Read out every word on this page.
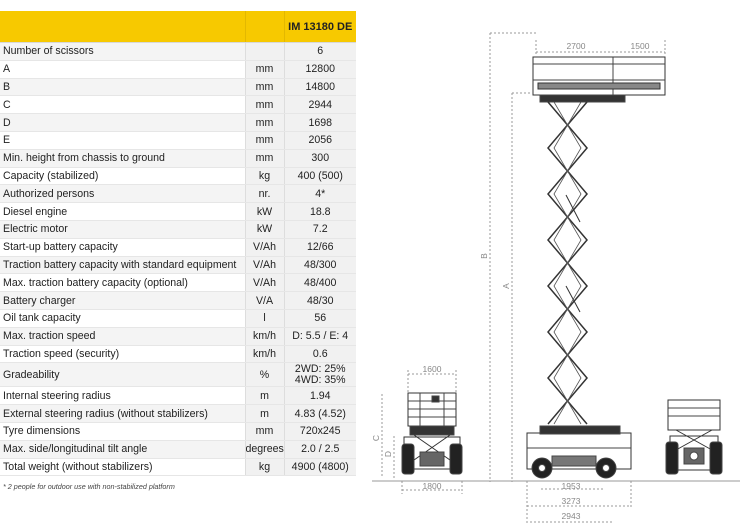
		IM 13180 DE
Number of scissors		6
A	mm	12800
B	mm	14800
C	mm	2944
D	mm	1698
E	mm	2056
Min. height from chassis to ground	mm	300
Capacity (stabilized)	kg	400 (500)
Authorized persons	nr.	4*
Diesel engine	kW	18.8
Electric motor	kW	7.2
Start-up battery capacity	V/Ah	12/66
Traction battery capacity with standard equipment	V/Ah	48/300
Max. traction battery capacity (optional)	V/Ah	48/400
Battery charger	V/A	48/30
Oil tank capacity	l	56
Max. traction speed	km/h	D: 5.5 / E: 4
Traction speed (security)	km/h	0.6
Gradeability	%	2WD: 25%
4WD: 35%
Internal steering radius	m	1.94
External steering radius (without stabilizers)	m	4.83 (4.52)
Tyre dimensions	mm	720x245
Max. side/longitudinal tilt angle	degrees	2.0 / 2.5
Total weight (without stabilizers)	kg	4900 (4800)
* 2 people for outdoor use with non-stabilized platform
2700	1500
1600
1800	1953
3273
2943
B
A
C
D
